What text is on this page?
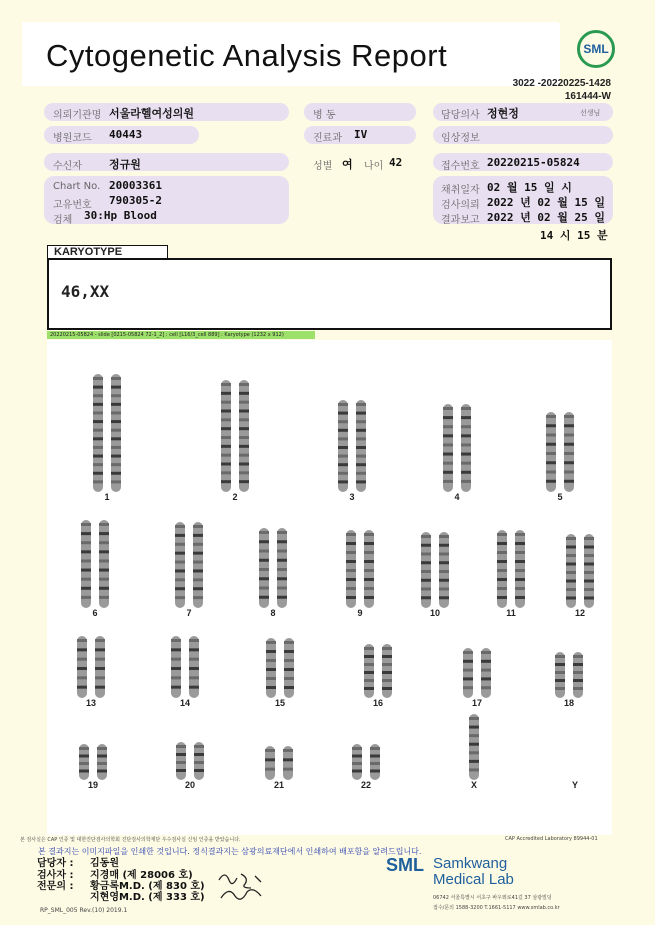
Cytogenetic Analysis Report	SML
3022 -20220225-1428
161444-W
의뢰기관명 서울라헬여성의원	병 동	담당의사 정현정	선생님
병원코드 40443	진료과 IV	임상정보
수신자 정규원	성별 여 나이 42	접수번호 20220215-05824
Chart No. 20003361
고유번호 790305-2
검체 30:Hp Blood
채취일자 02 월 15 일 시
검사의뢰 2022 년 02 월 15 일
결과보고 2022 년 02 월 25 일
14 시 15 분
KARYOTYPE
46,XX
20220215-05824 - slide [0215-05824 72-1_2] : cell [L16/3_cell 889] : Karyotype (1232 x 912)
1	2	3	4	5
6	7	8	9	10	11	12
13	14	15	16	17	18
19	20	21	22	X	Y
본 검사실은 CAP 인증 및 대한진단검사의학회 진단검사의학재단 우수검사실 신임 인증을 받았습니다.	CAP Accredited Laboratory 89944-01
본 결과지는 이미지파일을 인쇄한 것입니다. 정식결과지는 삼광의료재단에서 인쇄하여 배포함을 알려드립니다.
담당자 :
검사자 :
전문의 :
김동원
지경매 (제 28006 호)
황금록M.D. (제 830 호)
지현영M.D. (제 333 호)
SML Samkwang
Medical Lab
06742 서울특별시 서초구 바우뫼로41길 37 삼광빌딩
접수/문의 1588-3200 T.1661-5117 www.smlab.co.kr
RP_SML_005 Rev.(10) 2019.1
